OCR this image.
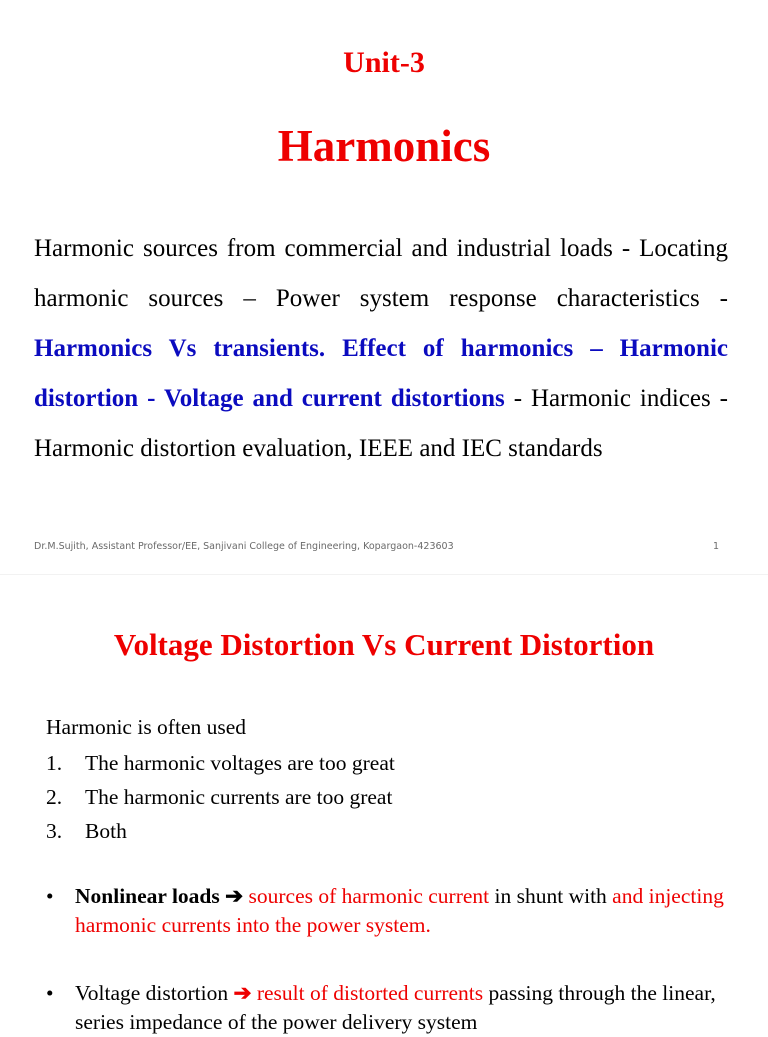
Unit-3
Harmonics
Harmonic sources from commercial and industrial loads - Locating harmonic sources – Power system response characteristics - Harmonics Vs transients. Effect of harmonics – Harmonic distortion - Voltage and current distortions - Harmonic indices - Harmonic distortion evaluation, IEEE and IEC standards
Dr.M.Sujith, Assistant Professor/EE, Sanjivani College of Engineering, Kopargaon-423603	1
Voltage Distortion Vs Current Distortion
Harmonic is often used
1. The harmonic voltages are too great
2. The harmonic currents are too great
3. Both
• Nonlinear loads ➔ sources of harmonic current in shunt with and injecting harmonic currents into the power system.
• Voltage distortion ➔ result of distorted currents passing through the linear, series impedance of the power delivery system
